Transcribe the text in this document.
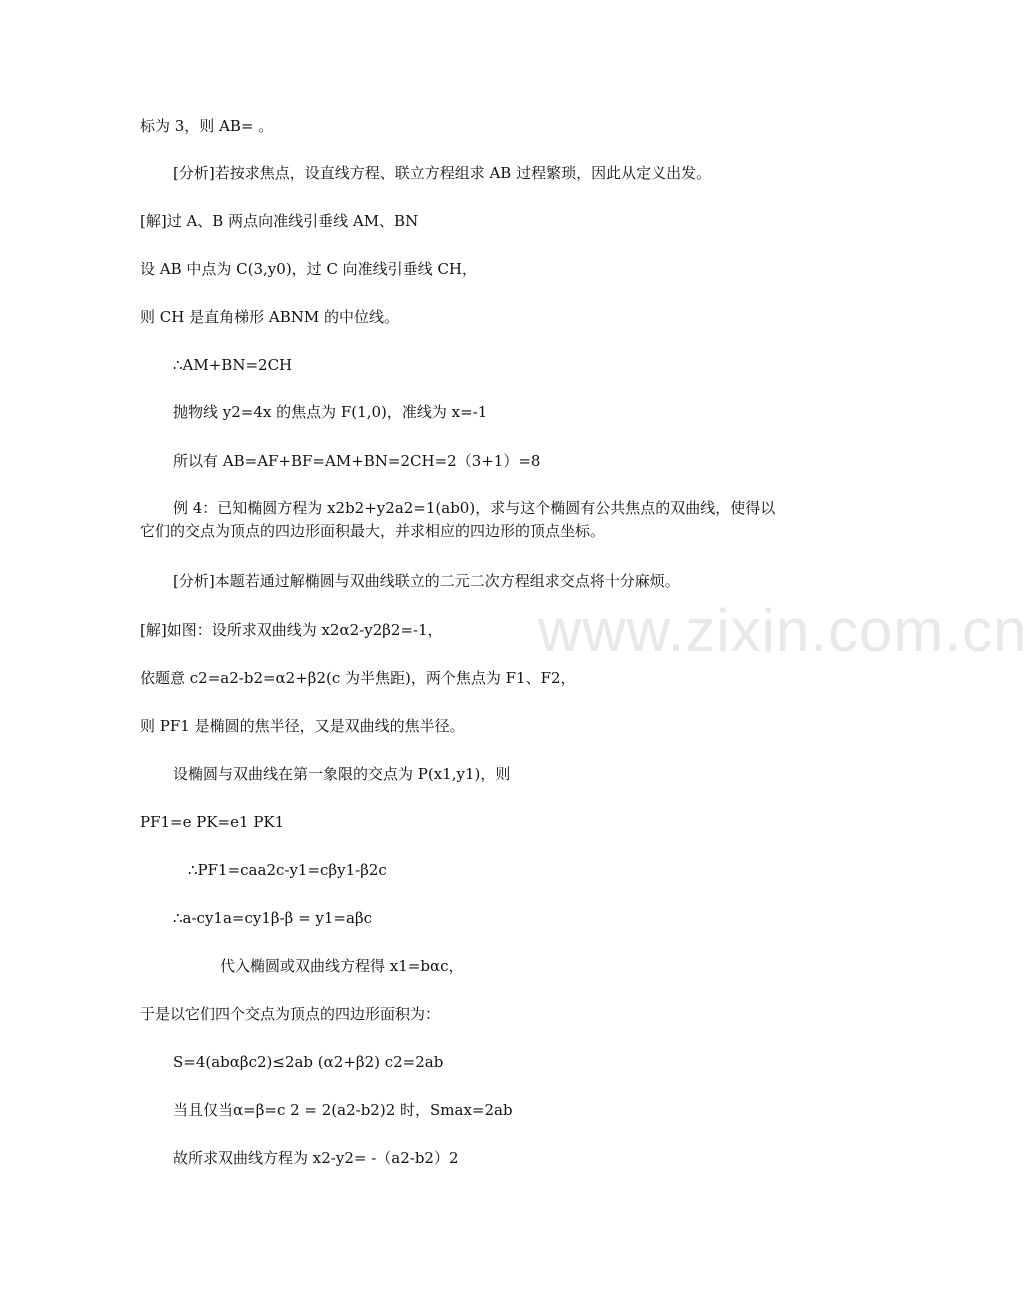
www.zixin.com.cn
标为 3，则 AB= 。
[分析]若按求焦点，设直线方程、联立方程组求 AB 过程繁琐，因此从定义出发。
[解]过 A、B 两点向准线引垂线 AM、BN
设 AB 中点为 C(3,y0)，过 C 向准线引垂线 CH，
则 CH 是直角梯形 ABNM 的中位线。
∴AM+BN=2CH
抛物线 y2=4x 的焦点为 F(1,0)，准线为 x=-1
所以有 AB=AF+BF=AM+BN=2CH=2（3+1）=8
例 4：已知椭圆方程为 x2b2+y2a2=1(ab0)，求与这个椭圆有公共焦点的双曲线，使得以它们的交点为顶点的四边形面积最大，并求相应的四边形的顶点坐标。
[分析]本题若通过解椭圆与双曲线联立的二元二次方程组求交点将十分麻烦。
[解]如图：设所求双曲线为 x2α2-y2β2=-1，
依题意 c2=a2-b2=α2+β2(c 为半焦距)，两个焦点为 F1、F2，
则 PF1 是椭圆的焦半径，又是双曲线的焦半径。
设椭圆与双曲线在第一象限的交点为 P(x1,y1)，则
PF1=e PK=e1 PK1
∴PF1=caa2c-y1=cβy1-β2c
∴a-cy1a=cy1β-β = y1=aβc
代入椭圆或双曲线方程得 x1=bαc，
于是以它们四个交点为顶点的四边形面积为：
S=4(abαβc2)≤2ab (α2+β2) c2=2ab
当且仅当α=β=c 2 = 2(a2-b2)2 时，Smax=2ab
故所求双曲线方程为 x2-y2= -（a2-b2）2
